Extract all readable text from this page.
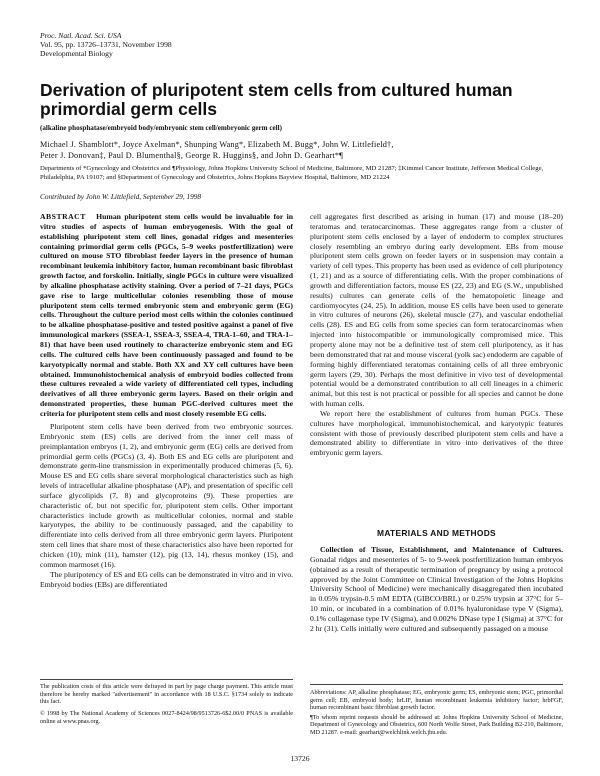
Proc. Natl. Acad. Sci. USA
Vol. 95, pp. 13726–13731, November 1998
Developmental Biology
Derivation of pluripotent stem cells from cultured human primordial germ cells
(alkaline phosphatase/embryoid body/embryonic stem cell/embryonic germ cell)
Michael J. Shamblott*, Joyce Axelman*, Shunping Wang*, Elizabeth M. Bugg*, John W. Littlefield†,
Peter J. Donovan‡, Paul D. Blumenthal§, George R. Huggins§, and John D. Gearhart*¶
Departments of *Gynecology and Obstetrics and ¶Physiology, Johns Hopkins University School of Medicine, Baltimore, MD 21287; ‡Kimmel Cancer Institute, Jefferson Medical College, Philadelphia, PA 19107; and §Department of Gynecology and Obstetrics, Johns Hopkins Bayview Hospital, Baltimore, MD 21224
Contributed by John W. Littlefield, September 29, 1998

ABSTRACT Human pluripotent stem cells would be invaluable for in vitro studies of aspects of human embryogenesis. With the goal of establishing pluripotent stem cell lines, gonadal ridges and mesenteries containing primordial germ cells (PGCs, 5–9 weeks postfertilization) were cultured on mouse STO fibroblast feeder layers in the presence of human recombinant leukemia inhibitory factor, human recombinant basic fibroblast growth factor, and forskolin. Initially, single PGCs in culture were visualized by alkaline phosphatase activity staining. Over a period of 7–21 days, PGCs gave rise to large multicellular colonies resembling those of mouse pluripotent stem cells termed embryonic stem and embryonic germ (EG) cells. Throughout the culture period most cells within the colonies continued to be alkaline phosphatase-positive and tested positive against a panel of five immunological markers (SSEA-1, SSEA-3, SSEA-4, TRA-1–60, and TRA-1–81) that have been used routinely to characterize embryonic stem and EG cells. The cultured cells have been continuously passaged and found to be karyotypically normal and stable. Both XX and XY cell cultures have been obtained. Immunohistochemical analysis of embryoid bodies collected from these cultures revealed a wide variety of differentiated cell types, including derivatives of all three embryonic germ layers. Based on their origin and demonstrated properties, these human PGC-derived cultures meet the criteria for pluripotent stem cells and most closely resemble EG cells.

Pluripotent stem cells have been derived from two embryonic sources. Embryonic stem (ES) cells are derived from the inner cell mass of preimplantation embryos (1, 2), and embryonic germ (EG) cells are derived from primordial germ cells (PGCs) (3, 4). Both ES and EG cells are pluripotent and demonstrate germ-line transmission in experimentally produced chimeras (5, 6). Mouse ES and EG cells share several morphological characteristics such as high levels of intracellular alkaline phosphatase (AP), and presentation of specific cell surface glycolipids (7, 8) and glycoproteins (9). These properties are characteristic of, but not specific for, pluripotent stem cells. Other important characteristics include growth as multicellular colonies, normal and stable karyotypes, the ability to be continuously passaged, and the capability to differentiate into cells derived from all three embryonic germ layers. Pluripotent stem cell lines that share most of these characteristics also have been reported for chicken (10), mink (11), hamster (12), pig (13, 14), rhesus monkey (15), and common marmoset (16).

The pluripotency of ES and EG cells can be demonstrated in vitro and in vivo. Embryoid bodies (EBs) are differentiated

cell aggregates first described as arising in human (17) and mouse (18–20) teratomas and teratocarcinomas. These aggregates range from a cluster of pluripotent stem cells enclosed by a layer of endoderm to complex structures closely resembling an embryo during early development. EBs from mouse pluripotent stem cells grown on feeder layers or in suspension may contain a variety of cell types. This property has been used as evidence of cell pluripotency (1, 21) and as a source of differentiating cells. With the proper combinations of growth and differentiation factors, mouse ES (22, 23) and EG (S.W., unpublished results) cultures can generate cells of the hematopoietic lineage and cardiomyocytes (24, 25). In addition, mouse ES cells have been used to generate in vitro cultures of neurons (26), skeletal muscle (27), and vascular endothelial cells (28). ES and EG cells from some species can form teratocarcinomas when injected into histocompatible or immunologically compromised mice. This property alone may not be a definitive test of stem cell pluripotency, as it has been demonstrated that rat and mouse visceral (yolk sac) endoderm are capable of forming highly differentiated teratomas containing cells of all three embryonic germ layers (29, 30). Perhaps the most definitive in vivo test of developmental potential would be a demonstrated contribution to all cell lineages in a chimeric animal, but this test is not practical or possible for all species and cannot be done with human cells.

We report here the establishment of cultures from human PGCs. These cultures have morphological, immunohistochemical, and karyotypic features consistent with those of previously described pluripotent stem cells and have a demonstrated ability to differentiate in vitro into derivatives of the three embryonic germ layers.

MATERIALS AND METHODS

Collection of Tissue, Establishment, and Maintenance of Cultures. Gonadal ridges and mesenteries of 5- to 9-week postfertilization human embryos (obtained as a result of therapeutic termination of pregnancy by using a protocol approved by the Joint Committee on Clinical Investigation of the Johns Hopkins University School of Medicine) were mechanically disaggregated then incubated in 0.05% trypsin-0.5 mM EDTA (GIBCO/BRL) or 0.25% trypsin at 37°C for 5–10 min, or incubated in a combination of 0.01% hyaluronidase type V (Sigma), 0.1% collagenase type IV (Sigma), and 0.002% DNase type I (Sigma) at 37°C for 2 hr (31). Cells initially were cultured and subsequently passaged on a mouse

The publication costs of this article were defrayed in part by page charge payment. This article must therefore be hereby marked "advertisement" in accordance with 18 U.S.C. §1734 solely to indicate this fact.

© 1998 by The National Academy of Sciences 0027-8424/98/9513726-6$2.00/0 PNAS is available online at www.pnas.org.

Abbreviations: AP, alkaline phosphatase; EG, embryonic germ; ES, embryonic stem; PGC, primordial germ cell; EB, embryoid body; hrLIF, human recombinant leukemia inhibitory factor; hrbFGF, human recombinant basic fibroblast growth factor.

¶To whom reprint requests should be addressed at: Johns Hopkins University School of Medicine, Department of Gynecology and Obstetrics, 600 North Wolfe Street, Park Building B2-210, Baltimore, MD 21287. e-mail: gearhart@welchlink.welch.jhu.edu.

13726
